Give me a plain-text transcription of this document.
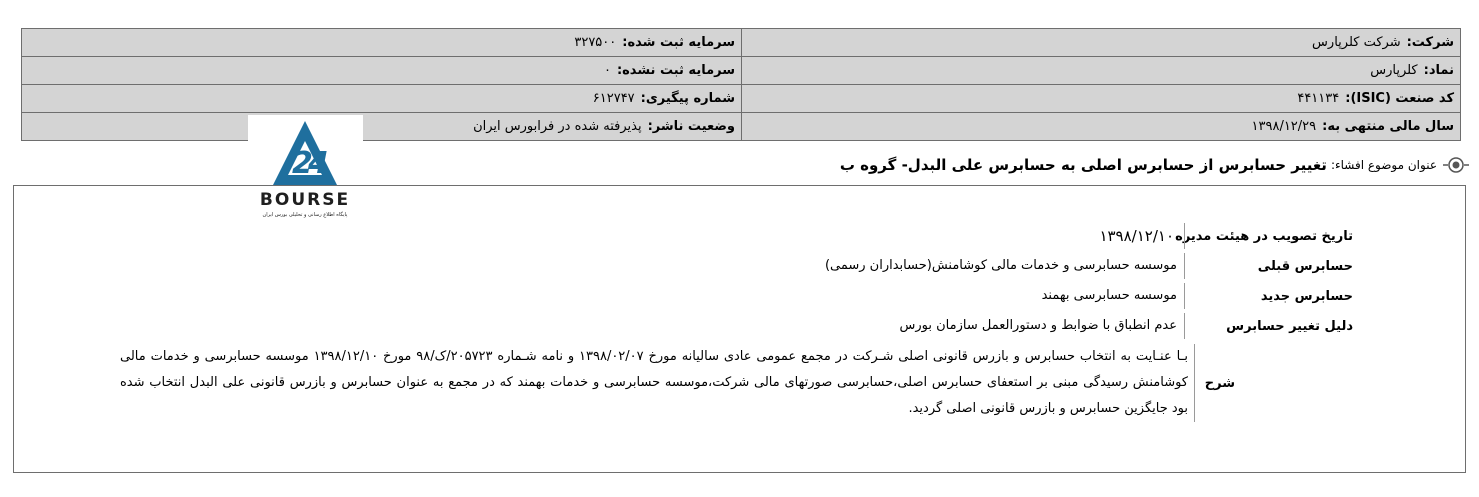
شرکت:شرکت کلرپارس	سرمایه ثبت شده:۳۲۷۵۰۰
نماد:کلرپارس	سرمایه ثبت نشده:۰
کد صنعت (ISIC):۴۴۱۱۳۴	شماره پیگیری:۶۱۲۷۴۷
سال مالی منتهی به:۱۳۹۸/۱۲/۲۹	وضعیت ناشر:پذیرفته شده در فرابورس ایران
2
4
BOURSE
پایگاه اطلاع رسانی و تحلیلی بورس ایران
عنوان موضوع افشاء:
تغییر حسابرس از حسابرس اصلی به حسابرس علی البدل- گروه ب
تاریخ تصویب در هیئت مدیره
۱۳۹۸/۱۲/۱۰
حسابرس قبلی
موسسه حسابرسی و خدمات مالی کوشامنش(حسابداران رسمی)
حسابرس جدید
موسسه حسابرسی بهمند
دلیل تغییر حسابرس
عدم انطباق با ضوابط و دستورالعمل سازمان بورس
شرح
بـا عنـایت به انتخاب حسابرس و بازرس قانونی اصلی شـرکت در مجمع عمومی عادی سالیانه مورخ ۱۳۹۸/۰۲/۰۷ و نامه شـماره ۲۰۵۷۲۳/ک/۹۸ مورخ ۱۳۹۸/۱۲/۱۰ موسسه حسابرسی و خدمات مالی کوشامنش رسیدگی مبنی بر استعفای حسابرس اصلی،حسابرسی صورتهای مالی شرکت،موسسه حسابرسی و خدمات بهمند که در مجمع به عنوان حسابرس و بازرس قانونی علی البدل انتخاب شده بود جایگزین حسابرس و بازرس قانونی اصلی گردید.
